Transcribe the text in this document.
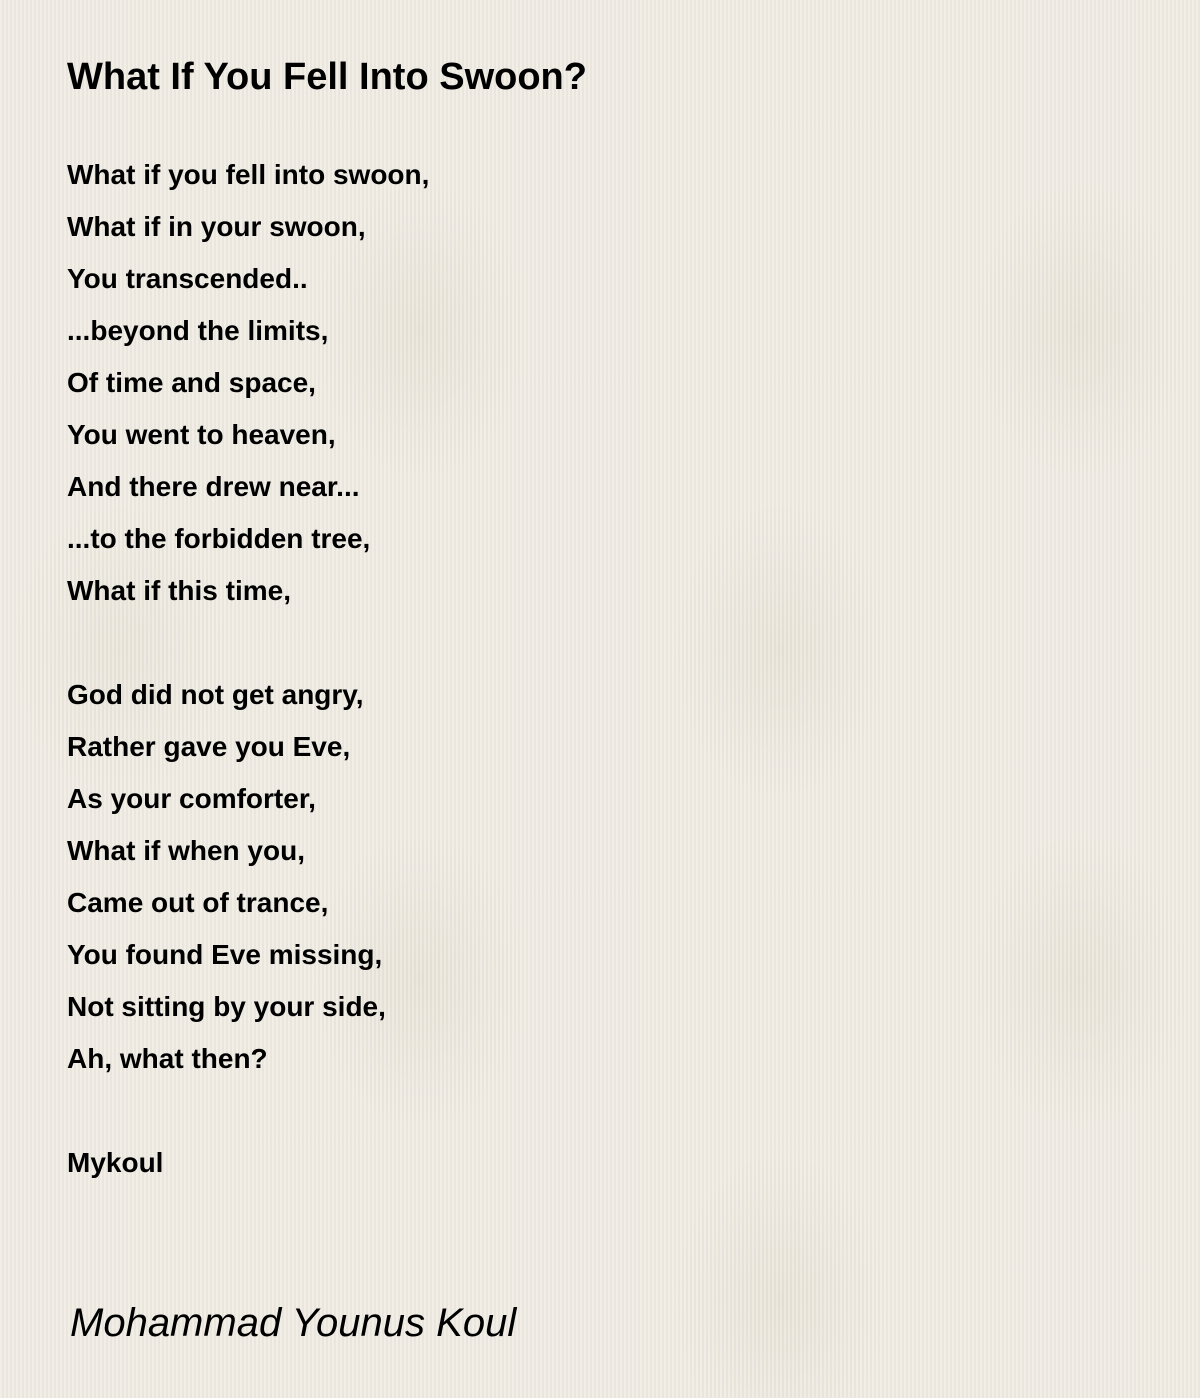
What If You Fell Into Swoon?
What if you fell into swoon,
What if in your swoon,
You transcended..
...beyond the limits,
Of time and space,
You went to heaven,
And there drew near...
...to the forbidden tree,
What if this time,
God did not get angry,
Rather gave you Eve,
As your comforter,
What if when you,
Came out of trance,
You found Eve missing,
Not sitting by your side,
Ah, what then?
Mykoul

Mohammad Younus Koul
